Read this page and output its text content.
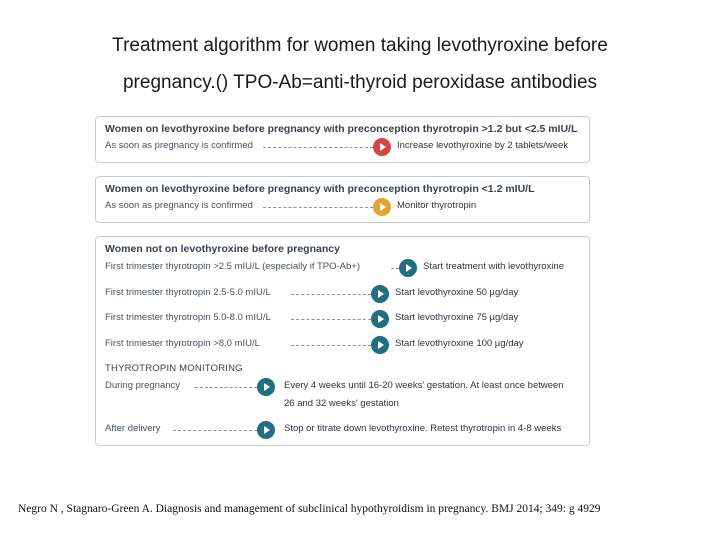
Treatment algorithm for women taking levothyroxine before
pregnancy.() TPO-Ab=anti-thyroid peroxidase antibodies
Women on levothyroxine before pregnancy with preconception thyrotropin >1.2 but <2.5 mIU/L
As soon as pregnancy is confirmed	Increase levothyroxine by 2 tablets/week
Women on levothyroxine before pregnancy with preconception thyrotropin <1.2 mIU/L
As soon as pregnancy is confirmed	Monitor thyrotropin
Women not on levothyroxine before pregnancy
First trimester thyrotropin >2.5 mIU/L (especially if TPO-Ab+)	Start treatment with levothyroxine
First trimester thyrotropin 2.5-5.0 mIU/L	Start levothyroxine 50 µg/day
First trimester thyrotropin 5.0-8.0 mIU/L	Start levothyroxine 75 µg/day
First trimester thyrotropin >8.0 mIU/L	Start levothyroxine 100 µg/day
THYROTROPIN MONITORING
During pregnancy	Every 4 weeks until 16-20 weeks' gestation. At least once between
26 and 32 weeks' gestation
After delivery	Stop or titrate down levothyroxine. Retest thyrotropin in 4-8 weeks
Negro N , Stagnaro-Green A. Diagnosis and management of subclinical hypothyroidism in pregnancy. BMJ 2014; 349: g 4929
